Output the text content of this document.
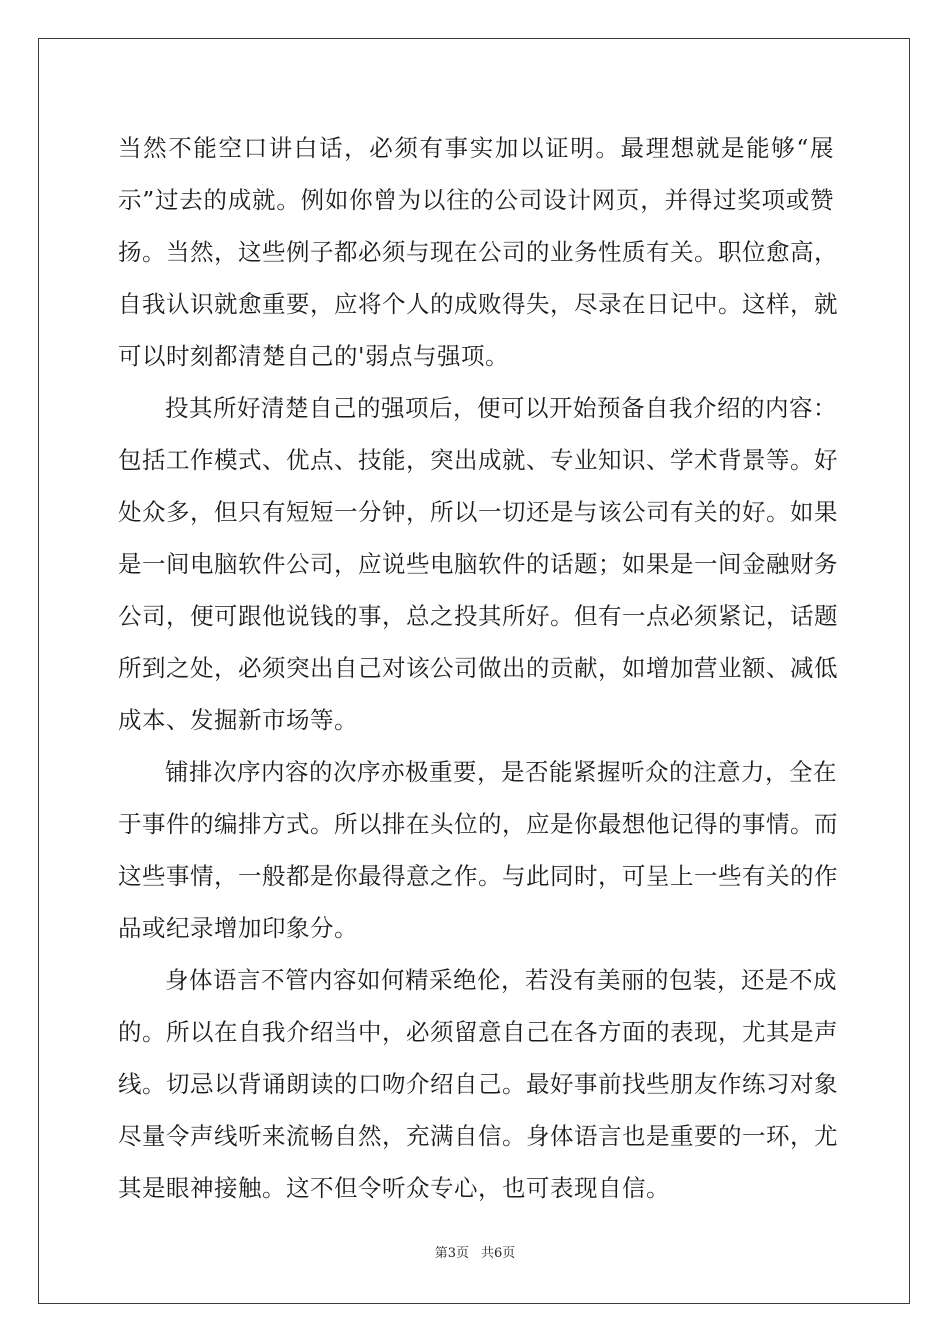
当然不能空口讲白话，必须有事实加以证明。最理想就是能够“展
示”过去的成就。例如你曾为以往的公司设计网页，并得过奖项或赞
扬。当然，这些例子都必须与现在公司的业务性质有关。职位愈高，
自我认识就愈重要，应将个人的成败得失，尽录在日记中。这样，就
可以时刻都清楚自己的'弱点与强项。
投其所好清楚自己的强项后，便可以开始预备自我介绍的内容：
包括工作模式、优点、技能，突出成就、专业知识、学术背景等。好
处众多，但只有短短一分钟，所以一切还是与该公司有关的好。如果
是一间电脑软件公司，应说些电脑软件的话题；如果是一间金融财务
公司，便可跟他说钱的事，总之投其所好。但有一点必须紧记，话题
所到之处，必须突出自己对该公司做出的贡献，如增加营业额、减低
成本、发掘新市场等。
铺排次序内容的次序亦极重要，是否能紧握听众的注意力，全在
于事件的编排方式。所以排在头位的，应是你最想他记得的事情。而
这些事情，一般都是你最得意之作。与此同时，可呈上一些有关的作
品或纪录增加印象分。
身体语言不管内容如何精采绝伦，若没有美丽的包装，还是不成
的。所以在自我介绍当中，必须留意自己在各方面的表现，尤其是声
线。切忌以背诵朗读的口吻介绍自己。最好事前找些朋友作练习对象
尽量令声线听来流畅自然，充满自信。身体语言也是重要的一环，尤
其是眼神接触。这不但令听众专心，也可表现自信。
第3页 共6页
